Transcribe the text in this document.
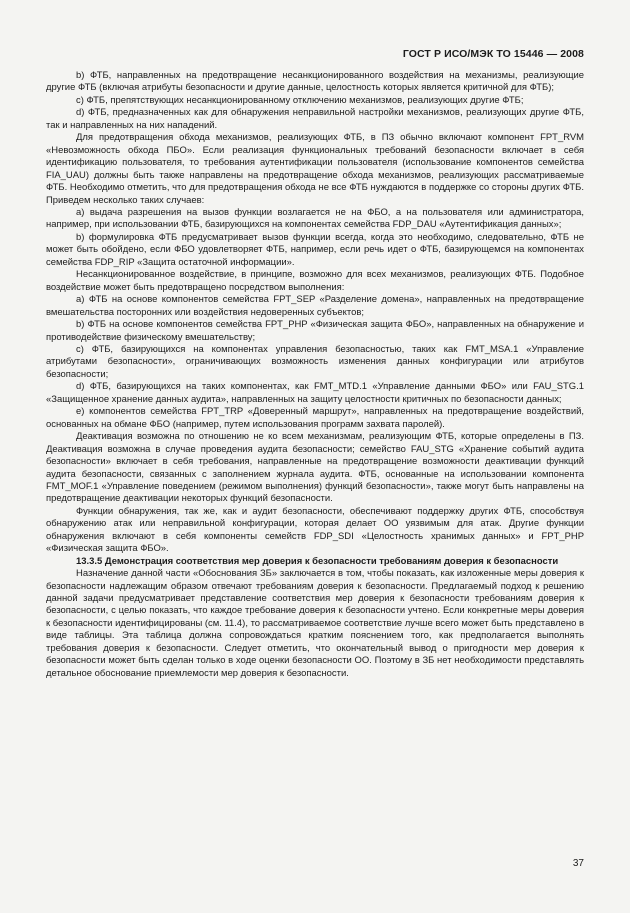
ГОСТ Р ИСО/МЭК ТО 15446 — 2008

b) ФТБ, направленных на предотвращение несанкционированного воздействия на механизмы, реализующие другие ФТБ (включая атрибуты безопасности и другие данные, целостность которых является критичной для ФТБ);

c) ФТБ, препятствующих несанкционированному отключению механизмов, реализующих другие ФТБ;

d) ФТБ, предназначенных как для обнаружения неправильной настройки механизмов, реализующих другие ФТБ, так и направленных на них нападений.

Для предотвращения обхода механизмов, реализующих ФТБ, в ПЗ обычно включают компонент FPT_RVM «Невозможность обхода ПБО». Если реализация функциональных требований безопасности включает в себя идентификацию пользователя, то требования аутентификации пользователя (использование компонентов семейства FIA_UAU) должны быть также направлены на предотвращение обхода механизмов, реализующих рассматриваемые ФТБ. Необходимо отметить, что для предотвращения обхода не все ФТБ нуждаются в поддержке со стороны других ФТБ. Приведем несколько таких случаев:

a) выдача разрешения на вызов функции возлагается не на ФБО, а на пользователя или администратора, например, при использовании ФТБ, базирующихся на компонентах семейства FDP_DAU «Аутентификация данных»;

b) формулировка ФТБ предусматривает вызов функции всегда, когда это необходимо, следовательно, ФТБ не может быть обойдено, если ФБО удовлетворяет ФТБ, например, если речь идет о ФТБ, базирующемся на компонентах семейства FDP_RIP «Защита остаточной информации».

Несанкционированное воздействие, в принципе, возможно для всех механизмов, реализующих ФТБ. Подобное воздействие может быть предотвращено посредством выполнения:

a) ФТБ на основе компонентов семейства FPT_SEP «Разделение домена», направленных на предотвращение вмешательства посторонних или воздействия недоверенных субъектов;

b) ФТБ на основе компонентов семейства FPT_PHP «Физическая защита ФБО», направленных на обнаружение и противодействие физическому вмешательству;

c) ФТБ, базирующихся на компонентах управления безопасностью, таких как FMT_MSA.1 «Управление атрибутами безопасности», ограничивающих возможность изменения данных конфигурации или атрибутов безопасности;

d) ФТБ, базирующихся на таких компонентах, как FMT_MTD.1 «Управление данными ФБО» или FAU_STG.1 «Защищенное хранение данных аудита», направленных на защиту целостности критичных по безопасности данных;

e) компонентов семейства FPT_TRP «Доверенный маршрут», направленных на предотвращение воздействий, основанных на обмане ФБО (например, путем использования программ захвата паролей).

Деактивация возможна по отношению не ко всем механизмам, реализующим ФТБ, которые определены в ПЗ. Деактивация возможна в случае проведения аудита безопасности; семейство FAU_STG «Хранение событий аудита безопасности» включает в себя требования, направленные на предотвращение возможности деактивации функций аудита безопасности, связанных с заполнением журнала аудита. ФТБ, основанные на использовании компонента FMT_MOF.1 «Управление поведением (режимом выполнения) функций безопасности», также могут быть направлены на предотвращение деактивации некоторых функций безопасности.

Функции обнаружения, так же, как и аудит безопасности, обеспечивают поддержку других ФТБ, способствуя обнаружению атак или неправильной конфигурации, которая делает ОО уязвимым для атак. Другие функции обнаружения включают в себя компоненты семейств FDP_SDI «Целостность хранимых данных» и FPT_PHP «Физическая защита ФБО».

13.3.5 Демонстрация соответствия мер доверия к безопасности требованиям доверия к безопасности

Назначение данной части «Обоснования ЗБ» заключается в том, чтобы показать, как изложенные меры доверия к безопасности надлежащим образом отвечают требованиям доверия к безопасности. Предлагаемый подход к решению данной задачи предусматривает представление соответствия мер доверия к безопасности требованиям доверия к безопасности, с целью показать, что каждое требование доверия к безопасности учтено. Если конкретные меры доверия к безопасности идентифицированы (см. 11.4), то рассматриваемое соответствие лучше всего может быть представлено в виде таблицы. Эта таблица должна сопровождаться кратким пояснением того, как предполагается выполнять требования доверия к безопасности. Следует отметить, что окончательный вывод о пригодности мер доверия к безопасности может быть сделан только в ходе оценки безопасности ОО. Поэтому в ЗБ нет необходимости представлять детальное обоснование приемлемости мер доверия к безопасности.

37
